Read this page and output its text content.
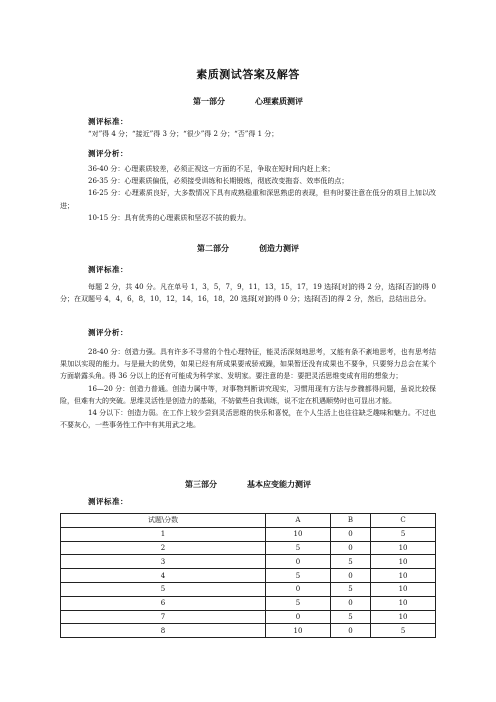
素质测试答案及解答
第一部分	心理素质测评
测评标准：

“对”得 4 分；“接近”得 3 分；“很少”得 2 分；“否”得 1 分；

测评分析：

36-40 分：心理素质较差，必须正视这一方面的不足，争取在短时间内赶上来；

26-35 分：心理素质偏低，必须接受训练和长期锻炼，彻底改变拖沓、效率低的点；

16-25 分：心理素质良好，大多数情况下具有成熟稳重和深思熟虑的表现，但有时要注意在低分的项目上加以改进；

10-15 分：具有优秀的心理素质和坚忍不拔的毅力。

第二部分	创造力测评
测评标准：

每题 2 分，共 40 分。凡在单号 1，3，5，7，9，11，13，15，17，19 选择[对]的得 2 分，选择[否]的得 0 分；在双题号 4，4，6，8，10，12，14，16，18，20 选择[对]的得 0 分；选择[否]的得 2 分，然后，总结出总分。

测评分析：

28-40 分：创造力强。具有许多不寻常的个性心理特征，能灵活深刻地思考，又能有条不紊地思考，也有思考结果加以实现的能力。与是最大的优势，如果已经有所成果要戒骄戒躁，如果暂还没有成果也不要争，只要努力总会在某个方面崭露头角。得 36 分以上的还有可能成为科学家、发明家。要注意的是：要把灵活思维变成有用的想象力；

16—20 分：创造力普通。创造力属中等，对事物判断讲究现实，习惯用现有方法与步骤都得问题，虽说比较保险，但难有大的突破。思维灵活性是创造力的基础，不妨做些自我训练，说不定在机遇顺势时也可显出才能。

14 分以下：创造力弱。在工作上较少尝到灵活思维的快乐和喜悦，在个人生活上也往往缺乏趣味和魅力。不过也不要灰心，一些事务性工作中有其用武之地。

第三部分	基本应变能力测评
测评标准：
试题\分数	A	B	C
1	10	0	5
2	5	0	10
3	0	5	10
4	5	0	10
5	0	5	10
6	5	0	10
7	0	5	10
8	10	0	5
